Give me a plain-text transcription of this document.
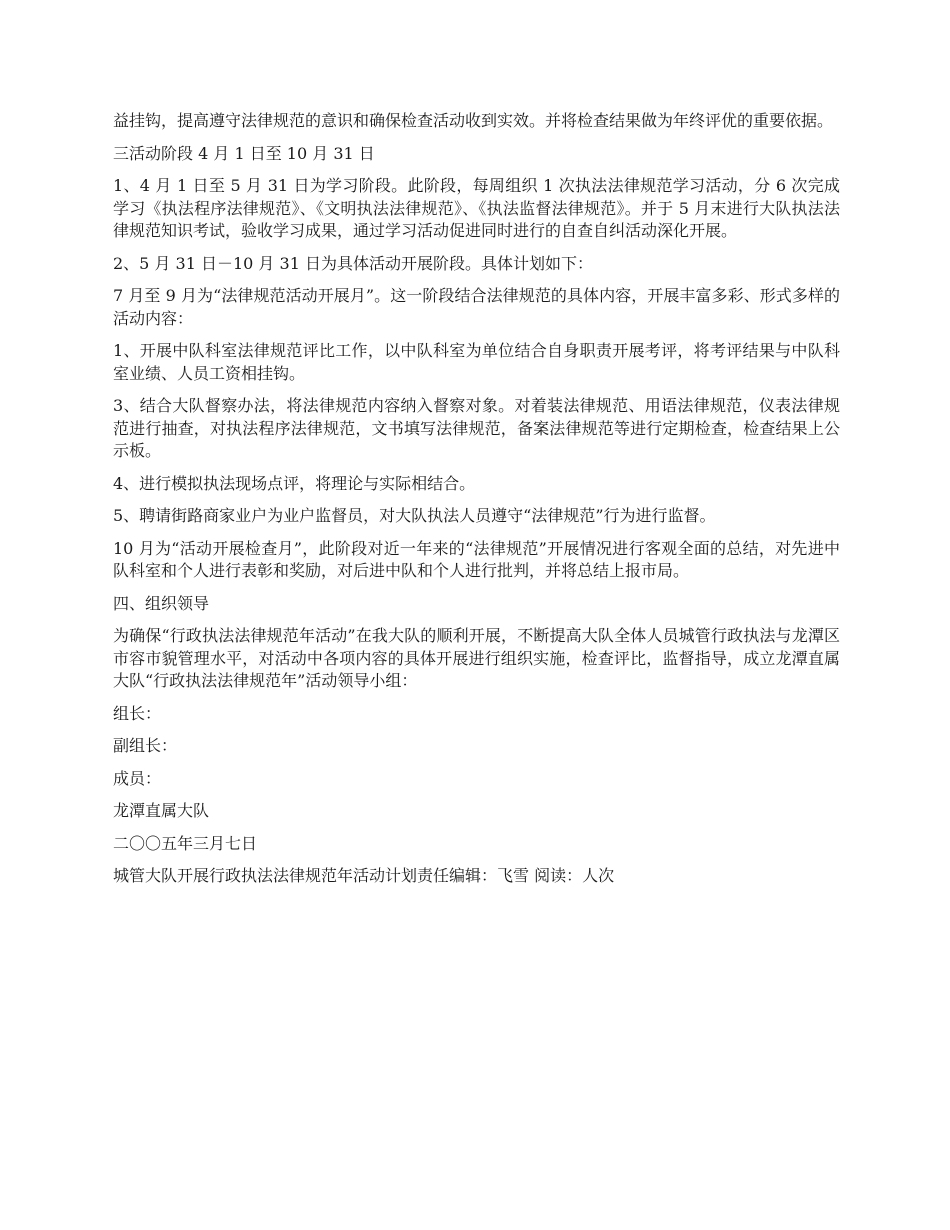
益挂钩，提高遵守法律规范的意识和确保检查活动收到实效。并将检查结果做为年终评优的重要依据。

三活动阶段 4 月 1 日至 10 月 31 日

1、4 月 1 日至 5 月 31 日为学习阶段。此阶段，每周组织 1 次执法法律规范学习活动，分 6 次完成学习《执法程序法律规范》、《文明执法法律规范》、《执法监督法律规范》。并于 5 月末进行大队执法法律规范知识考试，验收学习成果，通过学习活动促进同时进行的自查自纠活动深化开展。

2、5 月 31 日－10 月 31 日为具体活动开展阶段。具体计划如下：

7 月至 9 月为“法律规范活动开展月”。这一阶段结合法律规范的具体内容，开展丰富多彩、形式多样的活动内容：

1、开展中队科室法律规范评比工作，以中队科室为单位结合自身职责开展考评，将考评结果与中队科室业绩、人员工资相挂钩。

3、结合大队督察办法，将法律规范内容纳入督察对象。对着装法律规范、用语法律规范，仪表法律规范进行抽查，对执法程序法律规范，文书填写法律规范，备案法律规范等进行定期检查，检查结果上公示板。

4、进行模拟执法现场点评，将理论与实际相结合。

5、聘请街路商家业户为业户监督员，对大队执法人员遵守“法律规范”行为进行监督。

10 月为“活动开展检查月”，此阶段对近一年来的“法律规范”开展情况进行客观全面的总结，对先进中队科室和个人进行表彰和奖励，对后进中队和个人进行批判，并将总结上报市局。

四、组织领导

为确保“行政执法法律规范年活动”在我大队的顺利开展，不断提高大队全体人员城管行政执法与龙潭区市容市貌管理水平，对活动中各项内容的具体开展进行组织实施，检查评比，监督指导，成立龙潭直属大队“行政执法法律规范年”活动领导小组：

组长：

副组长：

成员：

龙潭直属大队

二〇〇五年三月七日

城管大队开展行政执法法律规范年活动计划责任编辑：飞雪 阅读：人次
